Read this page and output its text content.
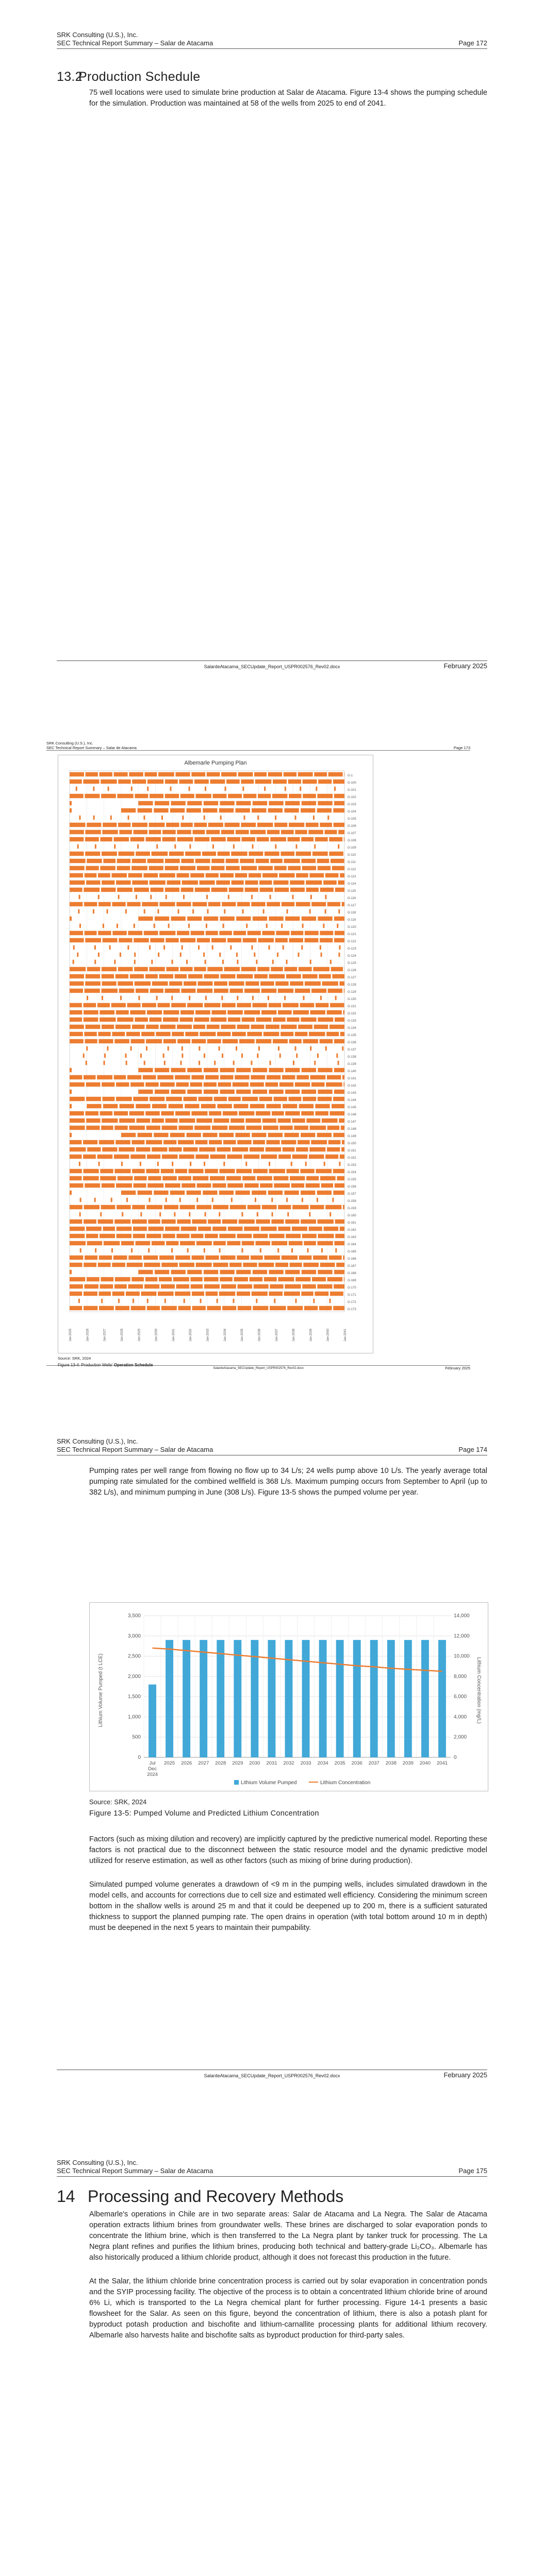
SRK Consulting (U.S.), Inc.
SEC Technical Report Summary – Salar de Atacama	Page 172
13.2Production Schedule

75 well locations were used to simulate brine production at Salar de Atacama. Figure 13-4 shows the pumping schedule for the simulation. Production was maintained at 58 of the wells from 2025 to end of 2041.

SalardeAtacama_SECUpdate_Report_USPR002576_Rev02.docx	February 2025
SRK Consulting (U.S.), Inc.
SEC Technical Report Summary – Salar de Atacama	Page 173
SalardeAtacama_SECUpdate_Report_USPR002576_Rev02.docx	February 2025
Albemarle Pumping Plan
G-1
G-100
G-101
G-102
G-103
G-104
G-105
G-106
G-107
G-108
G-109
G-110
G-111
G-112
G-113
G-114
G-115
G-116
G-117
G-118
G-119
G-120
G-121
G-122
G-123
G-124
G-125
G-126
G-127
G-128
G-129
G-130
G-131
G-132
G-133
G-134
G-135
G-136
G-137
G-138
G-139
G-140
G-141
G-142
G-143
G-144
G-145
G-146
G-147
G-148
G-149
G-150
G-151
G-152
G-153
G-154
G-155
G-156
G-157
G-158
G-159
G-160
G-161
G-162
G-163
G-164
G-165
G-166
G-167
G-168
G-169
G-170
G-171
G-172
G-173
Jan-2025	Jan-2026	Jan-2027	Jan-2028	Jan-2029	Jan-2030	Jan-2031	Jan-2032	Jan-2033	Jan-2034	Jan-2035	Jan-2036	Jan-2037	Jan-2038	Jan-2039	Jan-2040	Jan-2041
Source: SRK, 2024
Figure 13-4: Production Wells' Operation Schedule
SRK Consulting (U.S.), Inc.
SEC Technical Report Summary – Salar de Atacama	Page 174

Pumping rates per well range from flowing no flow up to 34 L/s; 24 wells pump above 10 L/s. The yearly average total pumping rate simulated for the combined wellfield is 368 L/s. Maximum pumping occurs from September to April (up to 382 L/s), and minimum pumping in June (308 L/s). Figure 13-5 shows the pumped volume per year.

Source: SRK, 2024
Figure 13-5: Pumped Volume and Predicted Lithium Concentration

Factors (such as mixing dilution and recovery) are implicitly captured by the predictive numerical model. Reporting these factors is not practical due to the disconnect between the static resource model and the dynamic predictive model utilized for reserve estimation, as well as other factors (such as mixing of brine during production).

Simulated pumped volume generates a drawdown of <9 m in the pumping wells, includes simulated drawdown in the model cells, and accounts for corrections due to cell size and estimated well efficiency. Considering the minimum screen bottom in the shallow wells is around 25 m and that it could be deepened up to 200 m, there is a sufficient saturated thickness to support the planned pumping rate. The open drains in operation (with total bottom around 10 m in depth) must be deepened in the next 5 years to maintain their pumpability.

SalardeAtacama_SECUpdate_Report_USPR002576_Rev02.docx	February 2025
0
500
1,000
1,500
2,000
2,500
3,000
3,500
0
2,000
4,000
6,000
8,000
10,000
12,000
14,000
Jul
Dec
2024
2025 2026 2027 2028 2029 2030 2031 2032 2033 2034 2035 2036 2037 2038 2039 2040 2041
Lithium Volume Pumped (t LCE)	Lithium Concentration (mg/L)
Lithium Volume Pumped	Lithium Concentration
SRK Consulting (U.S.), Inc.
SEC Technical Report Summary – Salar de Atacama	Page 175
14 Processing and Recovery Methods

Albemarle's operations in Chile are in two separate areas: Salar de Atacama and La Negra. The Salar de Atacama operation extracts lithium brines from groundwater wells. These brines are discharged to solar evaporation ponds to concentrate the lithium brine, which is then transferred to the La Negra plant by tanker truck for processing. The La Negra plant refines and purifies the lithium brines, producing both technical and battery-grade Li₂CO₃. Albemarle has also historically produced a lithium chloride product, although it does not forecast this production in the future.

At the Salar, the lithium chloride brine concentration process is carried out by solar evaporation in concentration ponds and the SYIP processing facility. The objective of the process is to obtain a concentrated lithium chloride brine of around 6% Li, which is transported to the La Negra chemical plant for further processing. Figure 14-1 presents a basic flowsheet for the Salar. As seen on this figure, beyond the concentration of lithium, there is also a potash plant for byproduct potash production and bischofite and lithium-carnallite processing plants for additional lithium recovery. Albemarle also harvests halite and bischofite salts as byproduct production for third-party sales.
